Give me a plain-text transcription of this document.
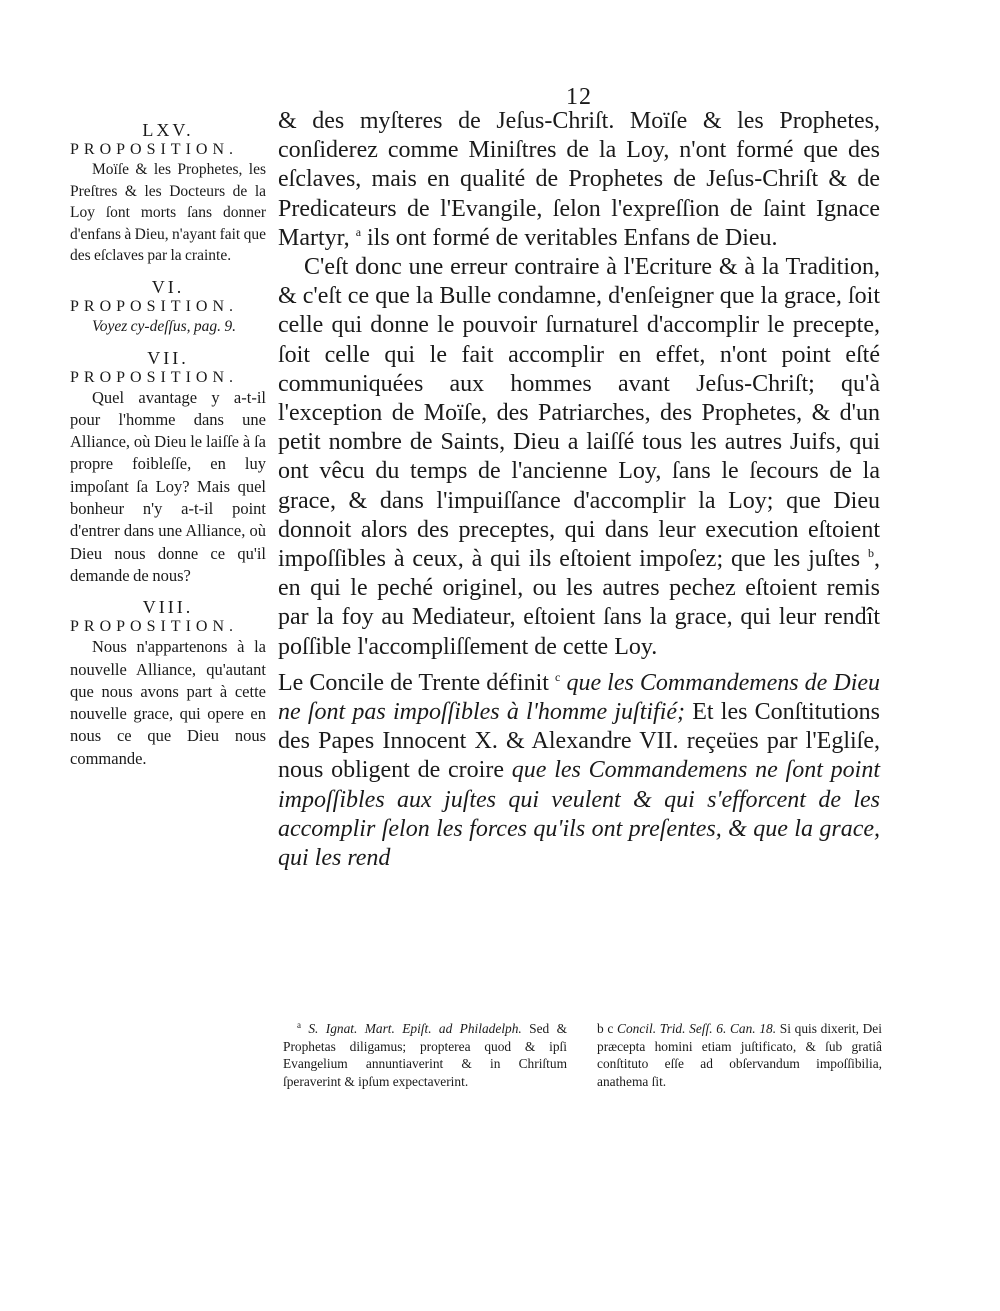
12
LXV.
PROPOSITION.
Moïſe & les Prophetes, les Preſtres & les Docteurs de la Loy ſont morts ſans donner d'enfans à Dieu, n'ayant fait que des eſclaves par la crainte.
VI.
PROPOSITION.
Voyez cy-deſſus, pag. 9.
VII.
PROPOSITION.
Quel avantage y a-t-il pour l'homme dans une Alliance, où Dieu le laiſſe à ſa propre foibleſſe, en luy impoſant ſa Loy? Mais quel bonheur n'y a-t-il point d'entrer dans une Alliance, où Dieu nous donne ce qu'il demande de nous?
VIII.
PROPOSITION.
Nous n'appartenons à la nouvelle Alliance, qu'autant que nous avons part à cette nouvelle grace, qui opere en nous ce que Dieu nous commande.

& des myſteres de Jeſus-Chriſt. Moïſe & les Prophetes, conſiderez comme Miniſtres de la Loy, n'ont formé que des eſclaves, mais en qualité de Prophetes de Jeſus-Chriſt & de Predicateurs de l'Evangile, ſelon l'expreſſion de ſaint Ignace Martyr, $^a$ ils ont formé de veritables Enfans de Dieu.

C'eſt donc une erreur contraire à l'Ecriture & à la Tradition, & c'eſt ce que la Bulle condamne, d'enſeigner que la grace, ſoit celle qui donne le pouvoir ſurnaturel d'accomplir le precepte, ſoit celle qui le fait accomplir en effet, n'ont point eſté communiquées aux hommes avant Jeſus-Chriſt; qu'à l'exception de Moïſe, des Patriarches, des Prophetes, & d'un petit nombre de Saints, Dieu a laiſſé tous les autres Juifs, qui ont vêcu du temps de l'ancienne Loy, ſans le ſecours de la grace, & dans l'impuiſſance d'accomplir la Loy; que Dieu donnoit alors des preceptes, qui dans leur execution eſtoient impoſſibles à ceux, à qui ils eſtoient impoſez; que les juſtes $^b$, en qui le peché originel, ou les autres pechez eſtoient remis par la foy au Mediateur, eſtoient ſans la grace, qui leur rendît poſſible l'accompliſſement de cette Loy.

Le Concile de Trente définit $^c$ que les Commandemens de Dieu ne ſont pas impoſſibles à l'homme juſtifié; Et les Conſtitutions des Papes Innocent X. & Alexandre VII. reçeües par l'Egliſe, nous obligent de croire que les Commandemens ne ſont point impoſſibles aux juſtes qui veulent & qui s'efforcent de les accomplir ſelon les forces qu'ils ont preſentes, & que la grace, qui les rend

$^a$ S. Ignat. Mart. Epiſt. ad Philadelph. Sed & Prophetas diligamus; propterea quod & ipſi Evangelium annuntiaverint & in Chriſtum ſperaverint & ipſum expectaverint.
b c Concil. Trid. Seſſ. 6. Can. 18. Si quis dixerit, Dei præcepta homini etiam juſtificato, & ſub gratiâ conſtituto eſſe ad obſervandum impoſſibilia, anathema ſit.
